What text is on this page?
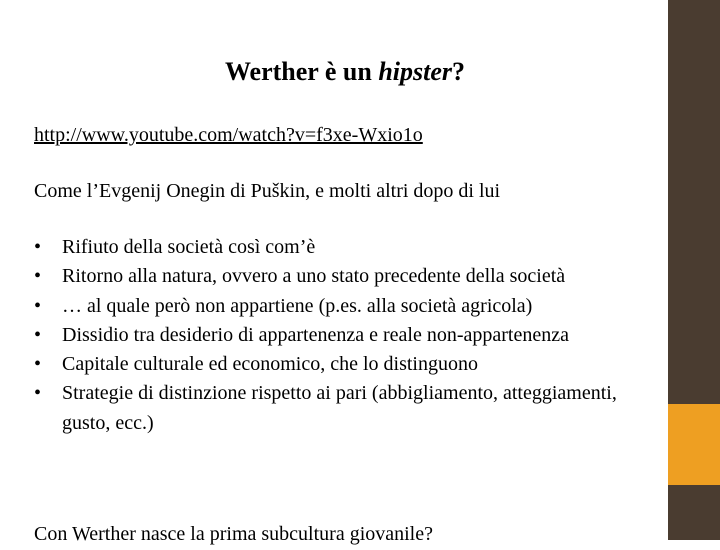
Werther è un hipster?
http://www.youtube.com/watch?v=f3xe-Wxio1o
Come l’Evgenij Onegin di Puškin, e molti altri dopo di lui
•	Rifiuto della società così com’è
•	Ritorno alla natura, ovvero a uno stato precedente della società
•	… al quale però non appartiene (p.es. alla società agricola)
•	Dissidio tra desiderio di appartenenza e reale non-appartenenza
•	Capitale culturale ed economico, che lo distinguono
•	Strategie di distinzione rispetto ai pari (abbigliamento, atteggiamenti, gusto, ecc.)
Con Werther nasce la prima subcultura giovanile?
